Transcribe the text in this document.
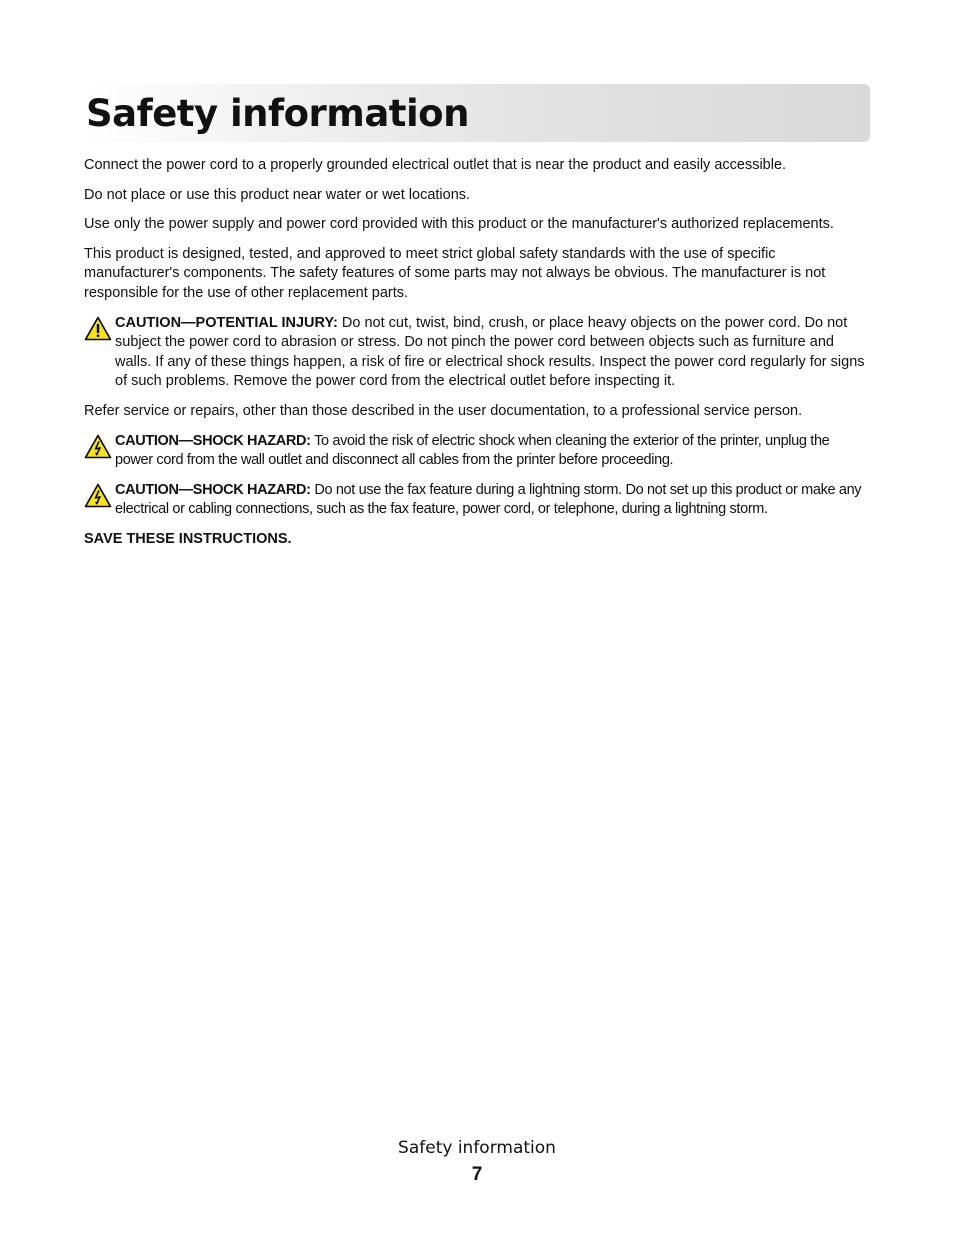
Safety information

Connect the power cord to a properly grounded electrical outlet that is near the product and easily accessible.

Do not place or use this product near water or wet locations.

Use only the power supply and power cord provided with this product or the manufacturer's authorized replacements.

This product is designed, tested, and approved to meet strict global safety standards with the use of specific manufacturer's components. The safety features of some parts may not always be obvious. The manufacturer is not responsible for the use of other replacement parts.

CAUTION—POTENTIAL INJURY: Do not cut, twist, bind, crush, or place heavy objects on the power cord. Do not subject the power cord to abrasion or stress. Do not pinch the power cord between objects such as furniture and walls. If any of these things happen, a risk of fire or electrical shock results. Inspect the power cord regularly for signs of such problems. Remove the power cord from the electrical outlet before inspecting it.

Refer service or repairs, other than those described in the user documentation, to a professional service person.

CAUTION—SHOCK HAZARD: To avoid the risk of electric shock when cleaning the exterior of the printer, unplug the power cord from the wall outlet and disconnect all cables from the printer before proceeding.

CAUTION—SHOCK HAZARD: Do not use the fax feature during a lightning storm. Do not set up this product or make any electrical or cabling connections, such as the fax feature, power cord, or telephone, during a lightning storm.

SAVE THESE INSTRUCTIONS.
Safety information
7
